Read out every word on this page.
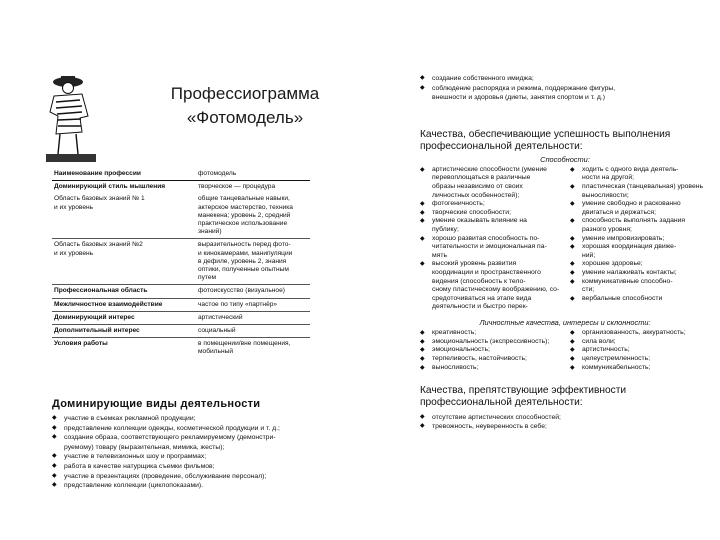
Профессиограмма
«Фотомодель»
Наименование профессии	фотомодель
Доминирующий стиль мышления	творческое — процедура
Область базовых знаний № 1
и их уровень	общие танцевальные навыки,
актерское мастерство, техника
манекена; уровень 2, средний
практическое использование
знаний)
Область базовых знаний №2
и их уровень	выразительность перед фото-
и кинокамерами, манипуляции
в дефиле, уровень 2, знания
оптики, полученные опытным
путем
Профессиональная область	фотоискусство (визуальное)
Межличностное взаимодействие	частое по типу «партнёр»
Доминирующий интерес	артистический
Дополнительный интерес	социальный
Условия работы	в помещении/вне помещения,
мобильный
Доминирующие виды деятельности
◆ участие в съемках рекламной продукции;
◆ представление коллекции одежды, косметической продукции и т. д.;
◆ создание образа, соответствующего рекламируемому (демонстри-
руемому) товару (выразительная, мимика, жесты);
◆ участие в телевизионных шоу и программах;
◆ работа в качестве натурщика съемки фильмов;
◆ участие в презентациях (проведение, обслуживание персонал);
◆ представление коллекции (циклопоказами).
◆ создание собственного имиджа;
◆ соблюдение распорядка и режима, поддержание фигуры,
внешности и здоровья (диеты, занятия спортом и т. д.)
Качества, обеспечивающие успешность выполнения профессиональной деятельности:
Способности:
◆ артистические способности (умение
перевоплощаться в различные
образы независимо от своих
личностных особенностей);
◆ фотогеничность;
◆ творческие способности;
◆ умение оказывать влияние на
публику;
◆ хорошо развитая способность по-
читательности и эмоциональная па-
мять
◆ высокий уровень развития
координации и пространственного
видения (способность к тело-
сному пластическому воображению, со-
средоточиваться на этапе вида
деятельности и быстро перек-
◆ ходить с одного вида деятель-
ности на другой;
◆ пластическая (танцевальная) уровень
выносливости;
◆ умение свободно и раскованно
двигаться и держаться;
◆ способность выполнять задания
разного уровня;
◆ умение импровизировать;
◆ хорошая координация движе-
ний;
◆ хорошее здоровье;
◆ умение налаживать контакты;
◆ коммуникативные способно-
сти;
◆ вербальные способности
Личностные качества, интересы и склонности:
◆ креативность;
◆ эмоциональность (экспрессивность);
◆ эмоциональность;
◆ терпеливость, настойчивость;
◆ выносливость;
◆ организованность, аккуратность;
◆ сила воли;
◆ артистичность;
◆ целеустремленность;
◆ коммуникабельность;
Качества, препятствующие эффективности профессиональной деятельности:
◆ отсутствие артистических способностей;
◆ тревожность, неуверенность в себе;
